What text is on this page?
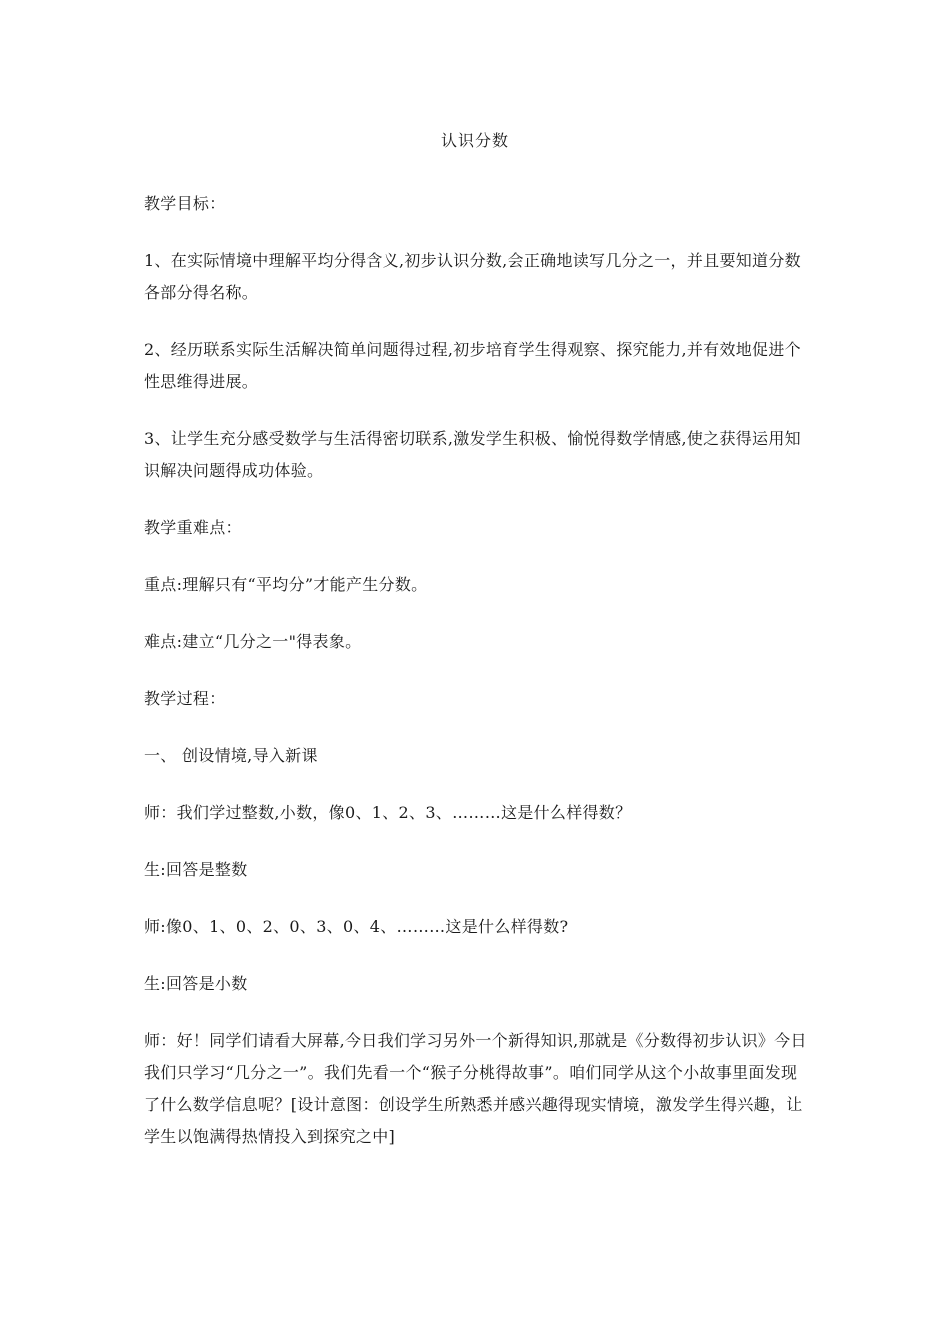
认识分数

教学目标：

1、在实际情境中理解平均分得含义,初步认识分数,会正确地读写几分之一，并且要知道分数各部分得名称。

2、经历联系实际生活解决简单问题得过程,初步培育学生得观察、探究能力,并有效地促进个性思维得进展。

3、让学生充分感受数学与生活得密切联系,激发学生积极、愉悦得数学情感,使之获得运用知识解决问题得成功体验。

教学重难点：

重点:理解只有“平均分”才能产生分数。

难点:建立“几分之一"得表象。

教学过程：

一、 创设情境,导入新课

师：我们学过整数,小数，像0、1、2、3、………这是什么样得数？

生:回答是整数

师:像0、1、0、2、0、3、0、4、………这是什么样得数?

生:回答是小数

师：好！同学们请看大屏幕,今日我们学习另外一个新得知识,那就是《分数得初步认识》今日我们只学习“几分之一”。我们先看一个“猴子分桃得故事”。咱们同学从这个小故事里面发现了什么数学信息呢？[设计意图：创设学生所熟悉并感兴趣得现实情境，激发学生得兴趣，让学生以饱满得热情投入到探究之中]
